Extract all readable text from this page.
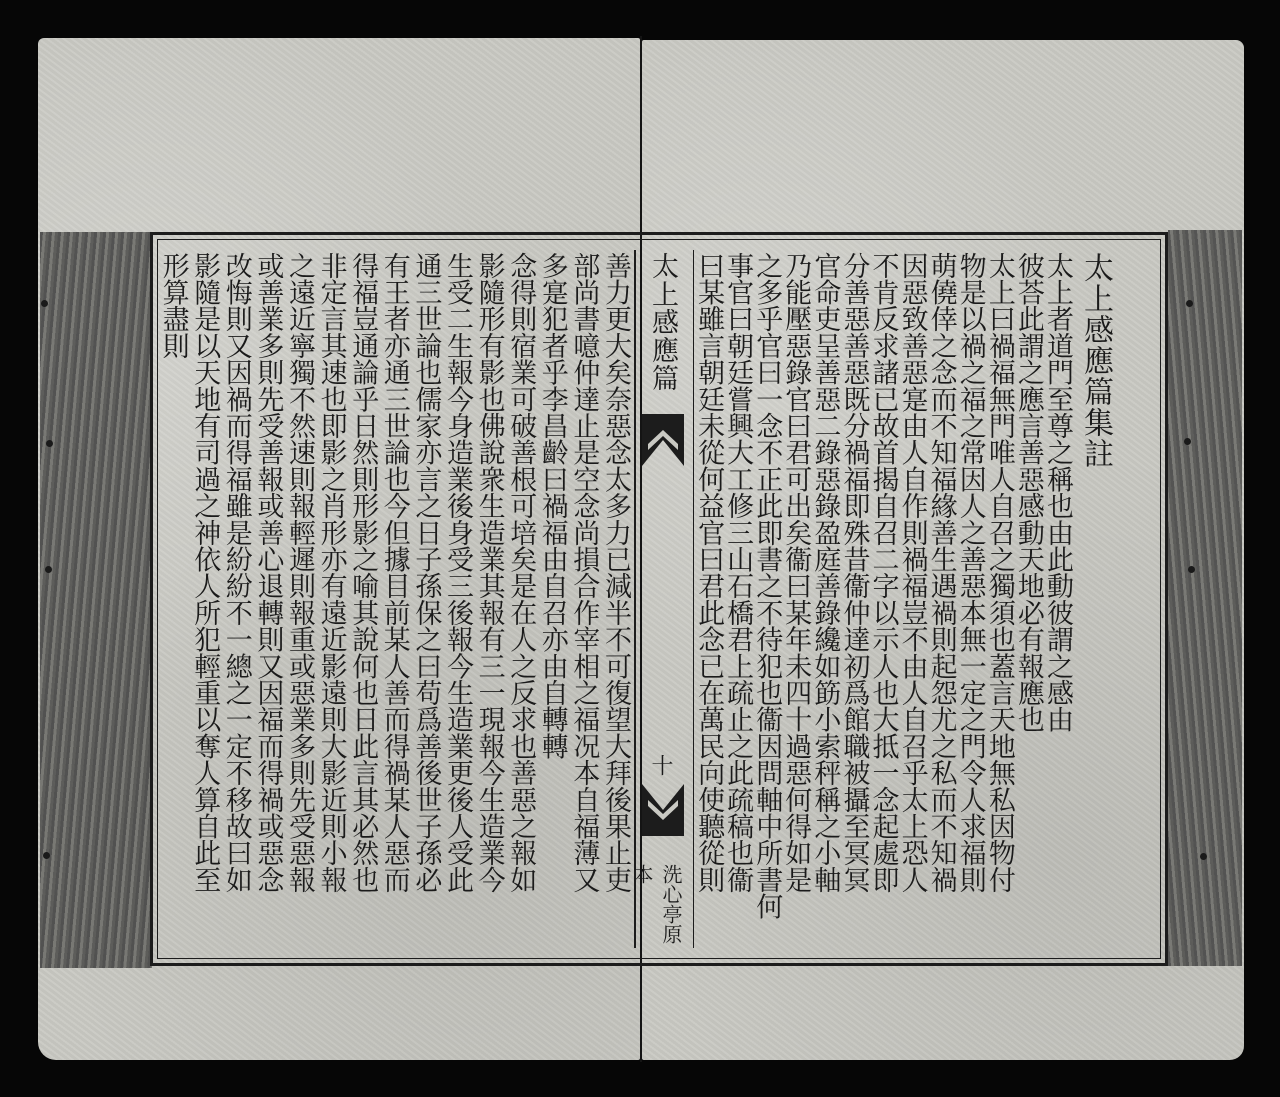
太上感應篇
十
洗心亭原本
太上感應篇集註
太上者道門至尊之稱也由此動彼謂之感由
彼荅此謂之應言善惡感動天地必有報應也
太上曰禍福無門唯人自召之獨須也蓋言天地無私因物付
物是以禍之福之常因人之善惡本無一定之門令人求福則
萌僥倖之念而不知福緣善生遇禍則起怨尤之私而不知禍
因惡致善惡寔由人自作則禍福豈不由人自召乎太上恐人
不肯反求諸已故首揭自召二字以示人也大抵一念起處即
分善惡善惡既分禍福即殊昔衞仲達初爲館職被攝至冥冥
官命吏呈善惡二錄惡錄盈庭善錄纔如筯小索秤稱之小軸
乃能壓惡錄官曰君可出矣衞曰某年未四十過惡何得如是
之多乎官曰一念不正此即書之不待犯也衞因問軸中所書何
善力更大矣奈惡念太多力已減半不可復望大拜後果止吏
部尚書噫仲達止是空念尚損合作宰相之福况本自福薄又
多寔犯者乎李昌齡曰禍福由自召亦由自轉轉
念得則宿業可破善根可培矣是在人之反求也善惡之報如
影隨形有影也佛說衆生造業其報有三一現報今生造業今
生受二生報今身造業後身受三後報今生造業更後人受此
通三世論也儒家亦言之日子孫保之曰苟爲善後世子孫必
有王者亦通三世論也今但據目前某人善而得禍某人惡而
得福豈通論乎日然則形影之喻其說何也日此言其必然也
非定言其速也即影之肖形亦有遠近影遠則大影近則小報
之遠近寧獨不然速則報輕遲則報重或惡業多則先受惡報
或善業多則先受善報或善心退轉則又因福而得禍或惡念
改悔則又因禍而得福雖是紛紛不一總之一定不移故曰如
影隨是以天地有司過之神依人所犯輕重以奪人算自此至
形算盡則	事官曰朝廷嘗興大工修三山石橋君上疏止之此疏稿也衞
曰某雖言朝廷未從何益官曰君此念已在萬民向使聽從則
